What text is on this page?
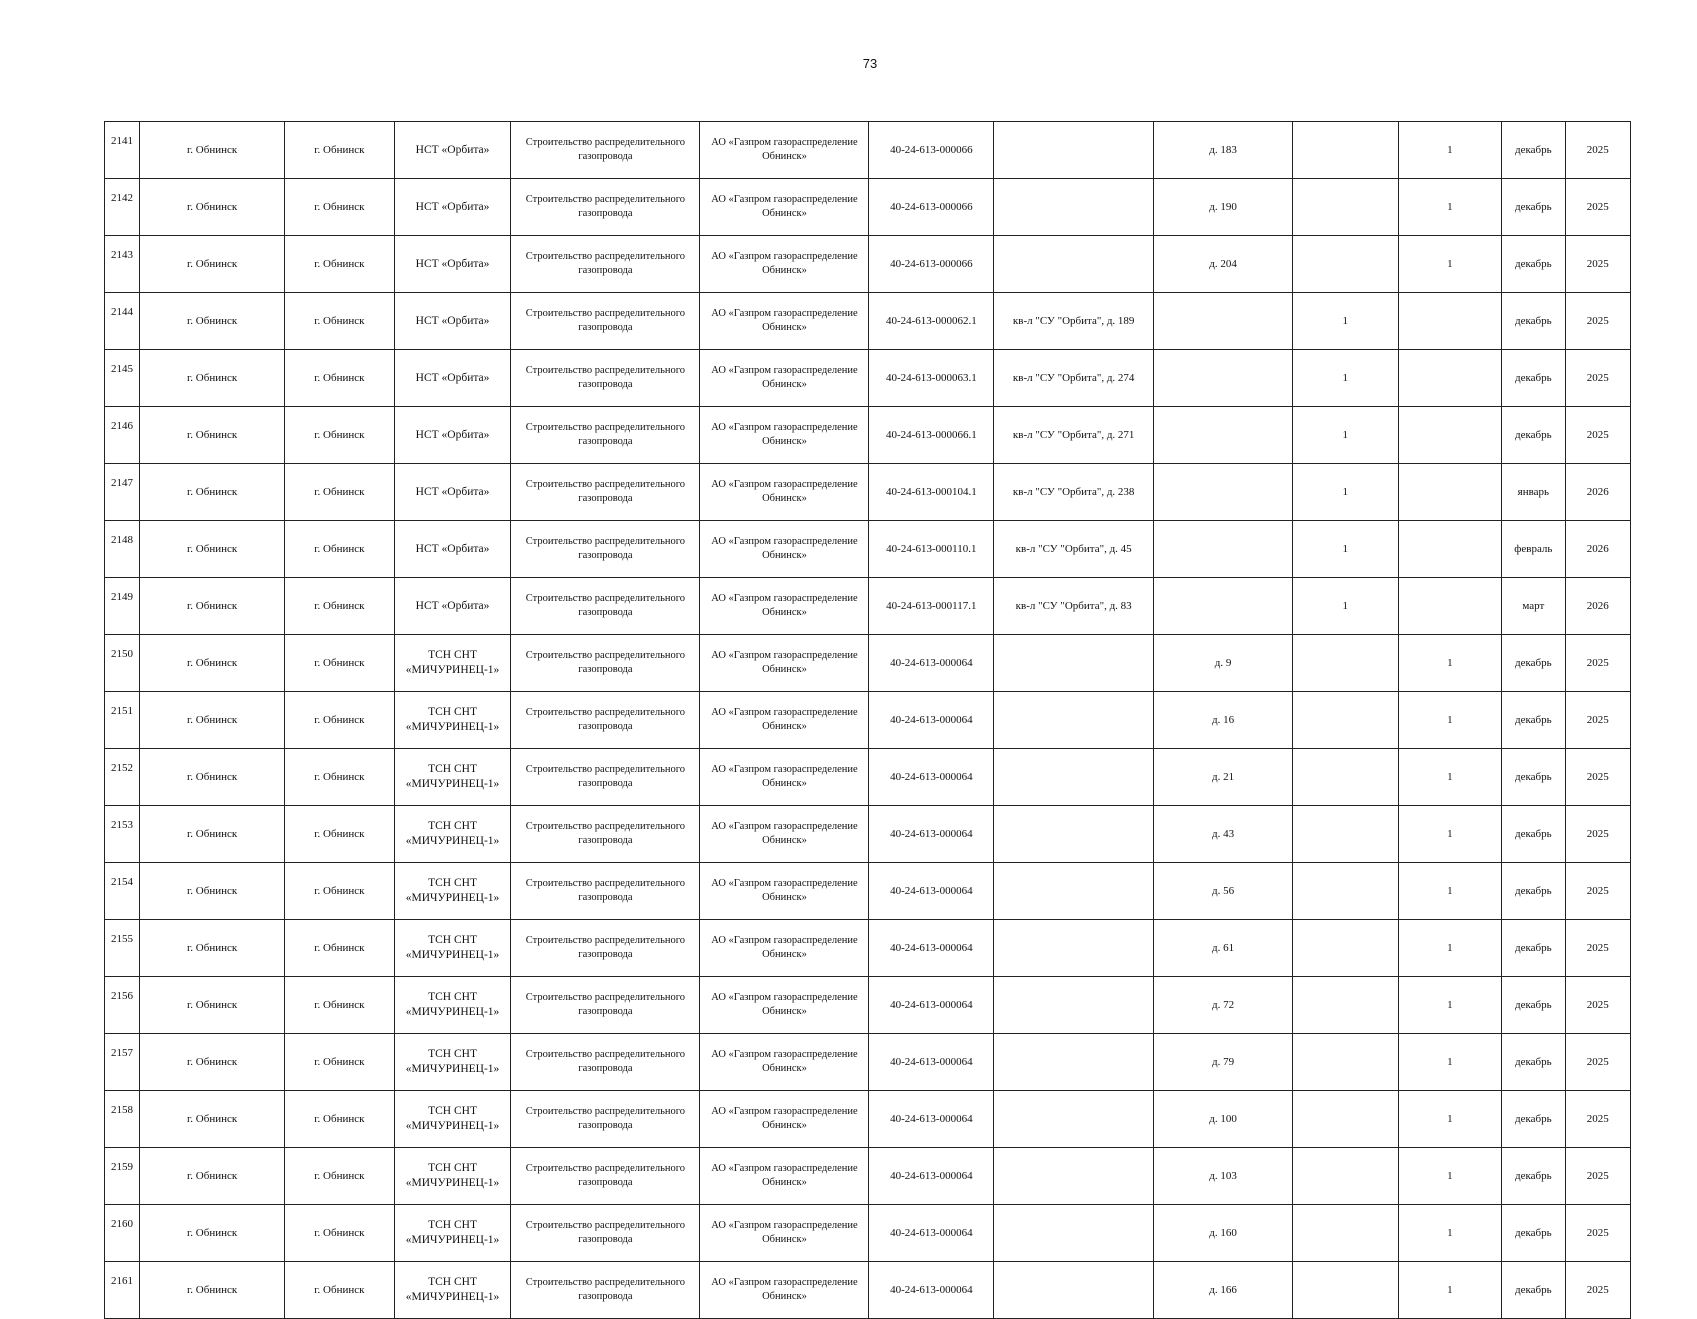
73
2141	г. Обнинск	г. Обнинск	НСТ «Орбита»	Строительство распределительного газопровода	АО «Газпром газораспределение Обнинск»	40-24-613-000066		д. 183		1	декабрь	2025
2142	г. Обнинск	г. Обнинск	НСТ «Орбита»	Строительство распределительного газопровода	АО «Газпром газораспределение Обнинск»	40-24-613-000066		д. 190		1	декабрь	2025
2143	г. Обнинск	г. Обнинск	НСТ «Орбита»	Строительство распределительного газопровода	АО «Газпром газораспределение Обнинск»	40-24-613-000066		д. 204		1	декабрь	2025
2144	г. Обнинск	г. Обнинск	НСТ «Орбита»	Строительство распределительного газопровода	АО «Газпром газораспределение Обнинск»	40-24-613-000062.1	кв-л "СУ "Орбита", д. 189		1		декабрь	2025
2145	г. Обнинск	г. Обнинск	НСТ «Орбита»	Строительство распределительного газопровода	АО «Газпром газораспределение Обнинск»	40-24-613-000063.1	кв-л "СУ "Орбита", д. 274		1		декабрь	2025
2146	г. Обнинск	г. Обнинск	НСТ «Орбита»	Строительство распределительного газопровода	АО «Газпром газораспределение Обнинск»	40-24-613-000066.1	кв-л "СУ "Орбита", д. 271		1		декабрь	2025
2147	г. Обнинск	г. Обнинск	НСТ «Орбита»	Строительство распределительного газопровода	АО «Газпром газораспределение Обнинск»	40-24-613-000104.1	кв-л "СУ "Орбита", д. 238		1		январь	2026
2148	г. Обнинск	г. Обнинск	НСТ «Орбита»	Строительство распределительного газопровода	АО «Газпром газораспределение Обнинск»	40-24-613-000110.1	кв-л "СУ "Орбита", д. 45		1		февраль	2026
2149	г. Обнинск	г. Обнинск	НСТ «Орбита»	Строительство распределительного газопровода	АО «Газпром газораспределение Обнинск»	40-24-613-000117.1	кв-л "СУ "Орбита", д. 83		1		март	2026
2150	г. Обнинск	г. Обнинск	ТСН СНТ «МИЧУРИНЕЦ-1»	Строительство распределительного газопровода	АО «Газпром газораспределение Обнинск»	40-24-613-000064		д. 9		1	декабрь	2025
2151	г. Обнинск	г. Обнинск	ТСН СНТ «МИЧУРИНЕЦ-1»	Строительство распределительного газопровода	АО «Газпром газораспределение Обнинск»	40-24-613-000064		д. 16		1	декабрь	2025
2152	г. Обнинск	г. Обнинск	ТСН СНТ «МИЧУРИНЕЦ-1»	Строительство распределительного газопровода	АО «Газпром газораспределение Обнинск»	40-24-613-000064		д. 21		1	декабрь	2025
2153	г. Обнинск	г. Обнинск	ТСН СНТ «МИЧУРИНЕЦ-1»	Строительство распределительного газопровода	АО «Газпром газораспределение Обнинск»	40-24-613-000064		д. 43		1	декабрь	2025
2154	г. Обнинск	г. Обнинск	ТСН СНТ «МИЧУРИНЕЦ-1»	Строительство распределительного газопровода	АО «Газпром газораспределение Обнинск»	40-24-613-000064		д. 56		1	декабрь	2025
2155	г. Обнинск	г. Обнинск	ТСН СНТ «МИЧУРИНЕЦ-1»	Строительство распределительного газопровода	АО «Газпром газораспределение Обнинск»	40-24-613-000064		д. 61		1	декабрь	2025
2156	г. Обнинск	г. Обнинск	ТСН СНТ «МИЧУРИНЕЦ-1»	Строительство распределительного газопровода	АО «Газпром газораспределение Обнинск»	40-24-613-000064		д. 72		1	декабрь	2025
2157	г. Обнинск	г. Обнинск	ТСН СНТ «МИЧУРИНЕЦ-1»	Строительство распределительного газопровода	АО «Газпром газораспределение Обнинск»	40-24-613-000064		д. 79		1	декабрь	2025
2158	г. Обнинск	г. Обнинск	ТСН СНТ «МИЧУРИНЕЦ-1»	Строительство распределительного газопровода	АО «Газпром газораспределение Обнинск»	40-24-613-000064		д. 100		1	декабрь	2025
2159	г. Обнинск	г. Обнинск	ТСН СНТ «МИЧУРИНЕЦ-1»	Строительство распределительного газопровода	АО «Газпром газораспределение Обнинск»	40-24-613-000064		д. 103		1	декабрь	2025
2160	г. Обнинск	г. Обнинск	ТСН СНТ «МИЧУРИНЕЦ-1»	Строительство распределительного газопровода	АО «Газпром газораспределение Обнинск»	40-24-613-000064		д. 160		1	декабрь	2025
2161	г. Обнинск	г. Обнинск	ТСН СНТ «МИЧУРИНЕЦ-1»	Строительство распределительного газопровода	АО «Газпром газораспределение Обнинск»	40-24-613-000064		д. 166		1	декабрь	2025
